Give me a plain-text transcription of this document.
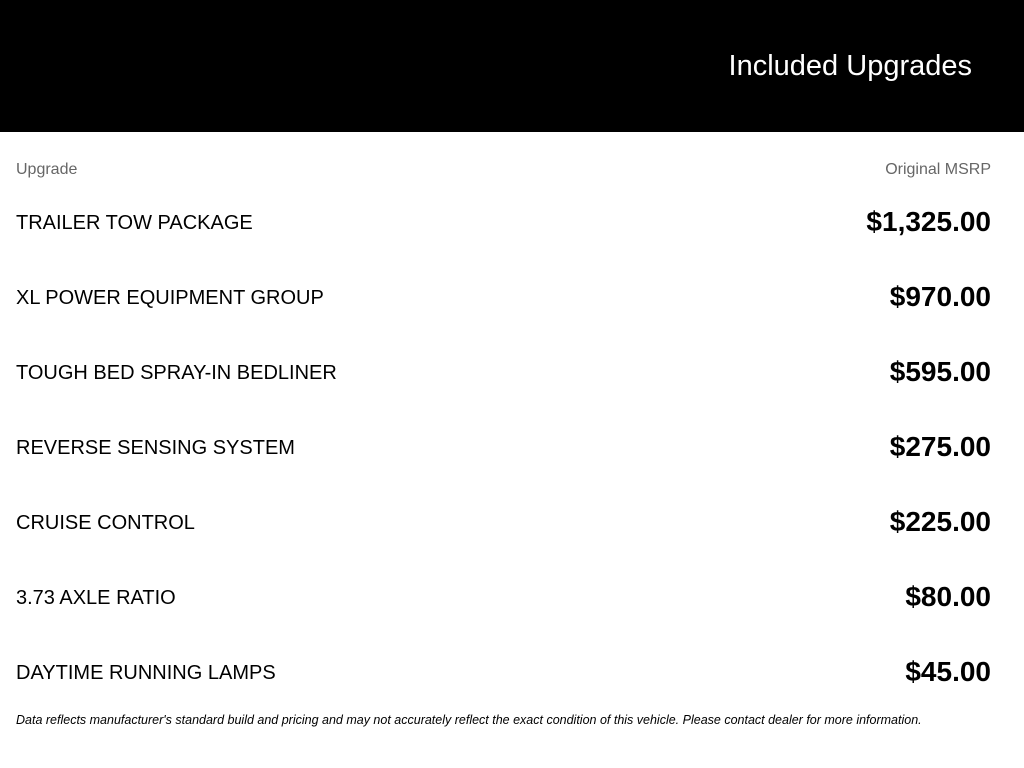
Included Upgrades
Upgrade	Original MSRP
TRAILER TOW PACKAGE	$1,325.00
XL POWER EQUIPMENT GROUP	$970.00
TOUGH BED SPRAY-IN BEDLINER	$595.00
REVERSE SENSING SYSTEM	$275.00
CRUISE CONTROL	$225.00
3.73 AXLE RATIO	$80.00
DAYTIME RUNNING LAMPS	$45.00
Data reflects manufacturer's standard build and pricing and may not accurately reflect the exact condition of this vehicle. Please contact dealer for more information.
